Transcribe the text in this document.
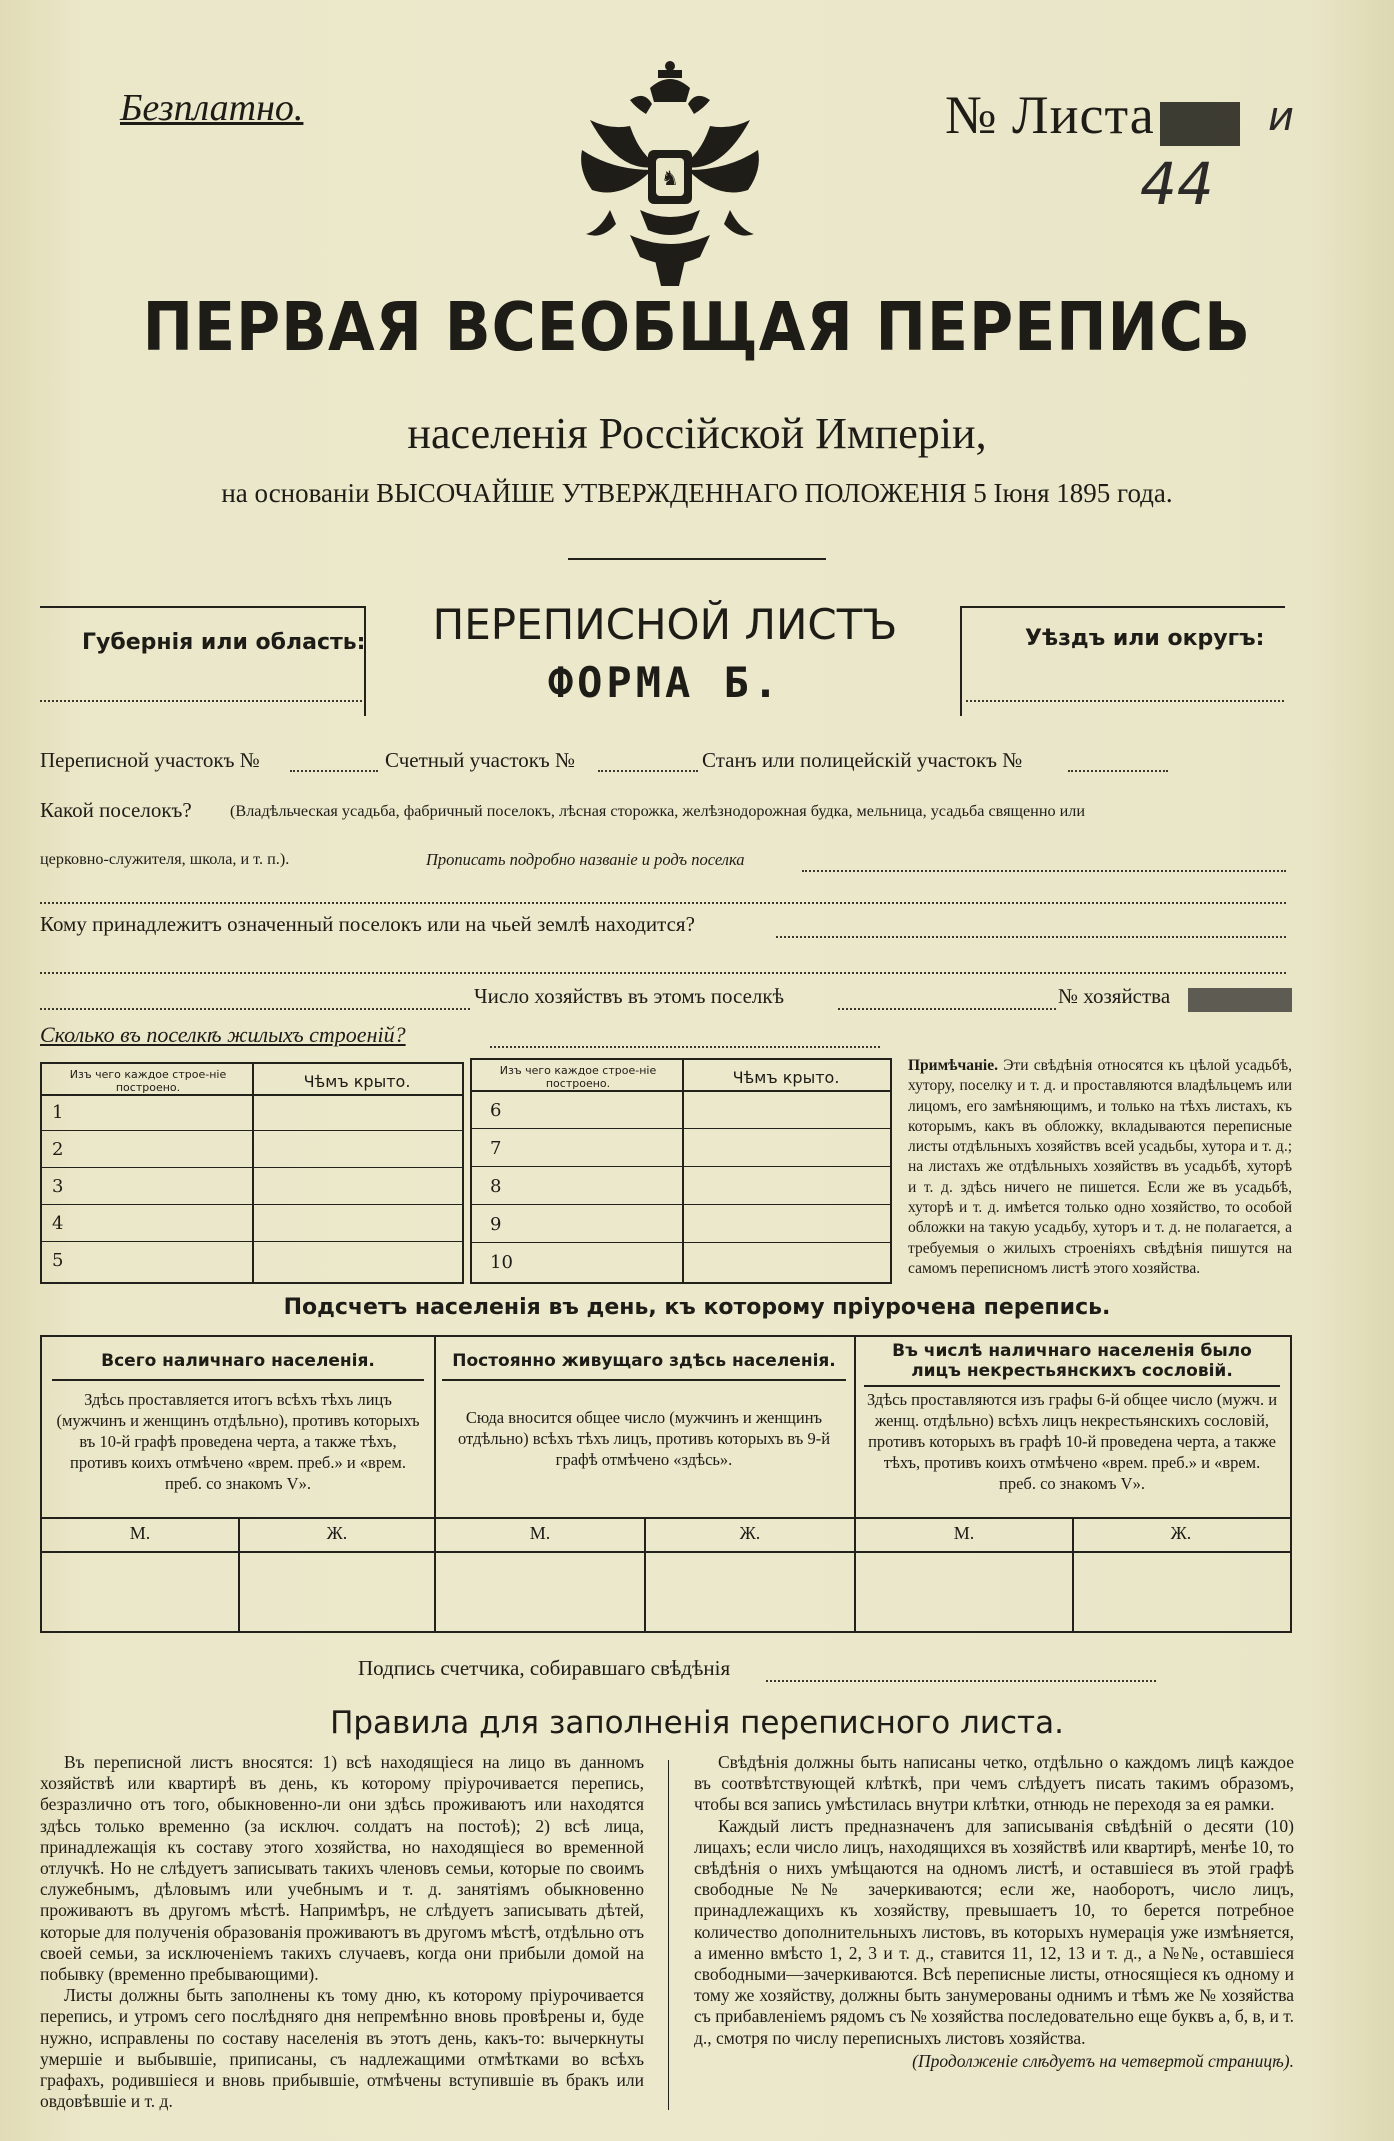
Безплатно.
♞
№ Листа	и
44
ПЕРВАЯ ВСЕОБЩАЯ ПЕРЕПИСЬ
населенія Россійской Имперіи,
на основаніи ВЫСОЧАЙШЕ УТВЕРЖДЕННАГО ПОЛОЖЕНІЯ 5 Іюня 1895 года.
Губернія или область:	ПЕРЕПИСНОЙ ЛИСТЪ
ФОРМА Б.
Уѣздъ или округъ:
Переписной участокъ №	Счетный участокъ №	Станъ или полицейскій участокъ №
Какой поселокъ? (Владѣльческая усадьба, фабричный поселокъ, лѣсная сторожка, желѣзнодорожная будка, мельница, усадьба священно или
церковно-служителя, школа, и т. п.).	Прописать подробно названіе и родъ поселка
Кому принадлежитъ означенный поселокъ или на чьей землѣ находится?
Число хозяйствъ въ этомъ поселкѣ	№ хозяйства
Сколько въ поселкѣ жилыхъ строеній?
Изъ чего каждое строе-ніе построено.	Чѣмъ крыто.
1
2
3
4
5
Изъ чего каждое строе-ніе построено.	Чѣмъ крыто.
6
7
8
9
10
Примѣчаніе. Эти свѣдѣнія относятся къ цѣлой усадьбѣ, хутору, поселку и т. д. и проставляются владѣльцемъ или лицомъ, его замѣняющимъ, и только на тѣхъ листахъ, къ которымъ, какъ въ обложку, вкладываются переписные листы отдѣльныхъ хозяйствъ всей усадьбы, хутора и т. д.; на листахъ же отдѣльныхъ хозяйствъ въ усадьбѣ, хуторѣ и т. д. здѣсь ничего не пишется. Если же въ усадьбѣ, хуторѣ и т. д. имѣется только одно хозяйство, то особой обложки на такую усадьбу, хуторъ и т. д. не полагается, а требуемыя о жилыхъ строеніяхъ свѣдѣнія пишутся на самомъ переписномъ листѣ этого хозяйства.
Подсчетъ населенія въ день, къ которому пріурочена перепись.
Всего наличнаго населенія.
Здѣсь проставляется итогъ всѣхъ тѣхъ лицъ (мужчинъ и женщинъ отдѣльно), противъ которыхъ въ 10-й графѣ проведена черта, а также тѣхъ, противъ коихъ отмѣчено «врем. преб.» и «врем. преб. со знакомъ V».
Постоянно живущаго здѣсь населенія.
Сюда вносится общее число (мужчинъ и женщинъ отдѣльно) всѣхъ тѣхъ лицъ, противъ которыхъ въ 9-й графѣ отмѣчено «здѣсь».
Въ числѣ наличнаго населенія было лицъ некрестьянскихъ сословій.
Здѣсь проставляются изъ графы 6-й общее число (мужч. и женщ. отдѣльно) всѣхъ лицъ некрестьянскихъ сословій, противъ которыхъ въ графѣ 10-й проведена черта, а также тѣхъ, противъ коихъ отмѣчено «врем. преб.» и «врем. преб. со знакомъ V».
М.	Ж.	М.	Ж.	М.	Ж.
Подпись счетчика, собиравшаго свѣдѣнія
Правила для заполненія переписного листа.
Въ переписной листъ вносятся: 1) всѣ находящіеся на лицо въ данномъ хозяйствѣ или квартирѣ въ день, къ которому пріурочивается перепись, безразлично отъ того, обыкновенно-ли они здѣсь проживаютъ или находятся здѣсь только временно (за исключ. солдатъ на постоѣ); 2) всѣ лица, принадлежащія къ составу этого хозяйства, но находящіеся во временной отлучкѣ. Но не слѣдуетъ записывать такихъ членовъ семьи, которые по своимъ служебнымъ, дѣловымъ или учебнымъ и т. д. занятіямъ обыкновенно проживаютъ въ другомъ мѣстѣ. Напримѣръ, не слѣдуетъ записывать дѣтей, которые для полученія образованія проживаютъ въ другомъ мѣстѣ, отдѣльно отъ своей семьи, за исключеніемъ такихъ случаевъ, когда они прибыли домой на побывку (временно пребывающими).
Листы должны быть заполнены къ тому дню, къ которому пріурочивается перепись, и утромъ сего послѣдняго дня непремѣнно вновь провѣрены и, буде нужно, исправлены по составу населенія въ этотъ день, какъ-то: вычеркнуты умершіе и выбывшіе, приписаны, съ надлежащими отмѣтками во всѣхъ графахъ, родившіеся и вновь прибывшіе, отмѣчены вступившіе въ бракъ или овдовѣвшіе и т. д.
Свѣдѣнія должны быть написаны четко, отдѣльно о каждомъ лицѣ каждое въ соотвѣтствующей клѣткѣ, при чемъ слѣдуетъ писать такимъ образомъ, чтобы вся запись умѣстилась внутри клѣтки, отнюдь не переходя за ея рамки.
Каждый листъ предназначенъ для записыванія свѣдѣній о десяти (10) лицахъ; если число лицъ, находящихся въ хозяйствѣ или квартирѣ, менѣе 10, то свѣдѣнія о нихъ умѣщаются на одномъ листѣ, и оставшіеся въ этой графѣ свободные №№ зачеркиваются; если же, наоборотъ, число лицъ, принадлежащихъ къ хозяйству, превышаетъ 10, то берется потребное количество дополнительныхъ листовъ, въ которыхъ нумерація уже измѣняется, а именно вмѣсто 1, 2, 3 и т. д., ставится 11, 12, 13 и т. д., а №№, оставшіеся свободными—зачеркиваются. Всѣ переписные листы, относящіеся къ одному и тому же хозяйству, должны быть занумерованы однимъ и тѣмъ же № хозяйства съ прибавленіемъ рядомъ съ № хозяйства последовательно еще буквъ а, б, в, и т. д., смотря по числу переписныхъ листовъ хозяйства.
(Продолженіе слѣдуетъ на четвертой страницѣ).
